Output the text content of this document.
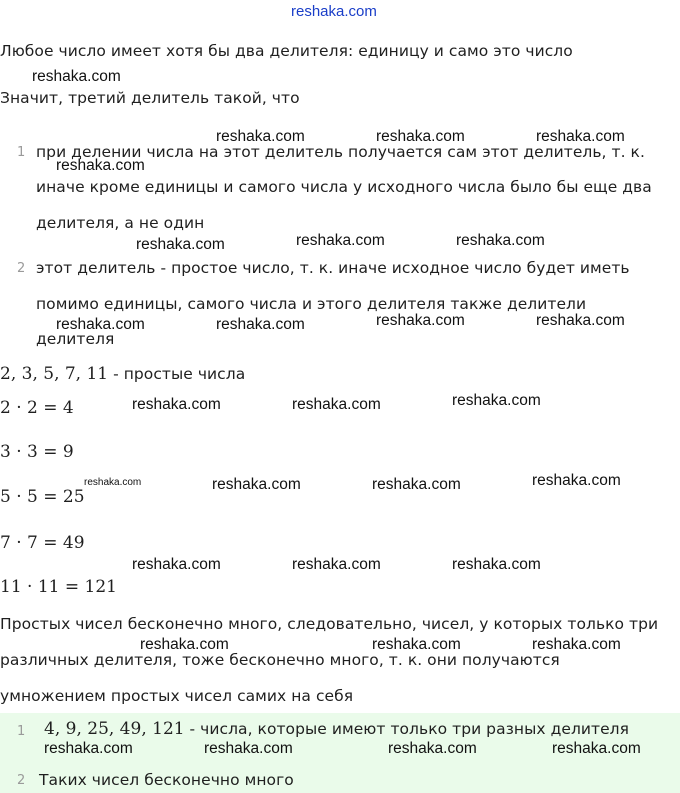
reshaka.com
Любое число имеет хотя бы два делителя: единицу и само это число
Значит, третий делитель такой, что
1 при делении числа на этот делитель получается сам этот делитель, т. к.
иначе кроме единицы и самого числа у исходного числа было бы еще два
делителя, а не один
2 этот делитель - простое число, т. к. иначе исходное число будет иметь
помимо единицы, самого числа и этого делителя также делители
делителя
2, 3, 5, 7, 11 - простые числа
2 · 2 = 4
3 · 3 = 9
5 · 5 = 25
7 · 7 = 49
11 · 11 = 121
Простых чисел бесконечно много, следовательно, чисел, у которых только три
различных делителя, тоже бесконечно много, т. к. они получаются
умножением простых чисел самих на себя
1 4, 9, 25, 49, 121 - числа, которые имеют только три разных делителя
2 Таких чисел бесконечно много
reshaka.com
reshaka.com	reshaka.com	reshaka.com
reshaka.com
reshaka.com	reshaka.com	reshaka.com
reshaka.com	reshaka.com	reshaka.com	reshaka.com
reshaka.com	reshaka.com	reshaka.com
reshaka.com	reshaka.com	reshaka.com	reshaka.com
reshaka.com	reshaka.com	reshaka.com
reshaka.com	reshaka.com	reshaka.com
reshaka.com	reshaka.com	reshaka.com	reshaka.com
